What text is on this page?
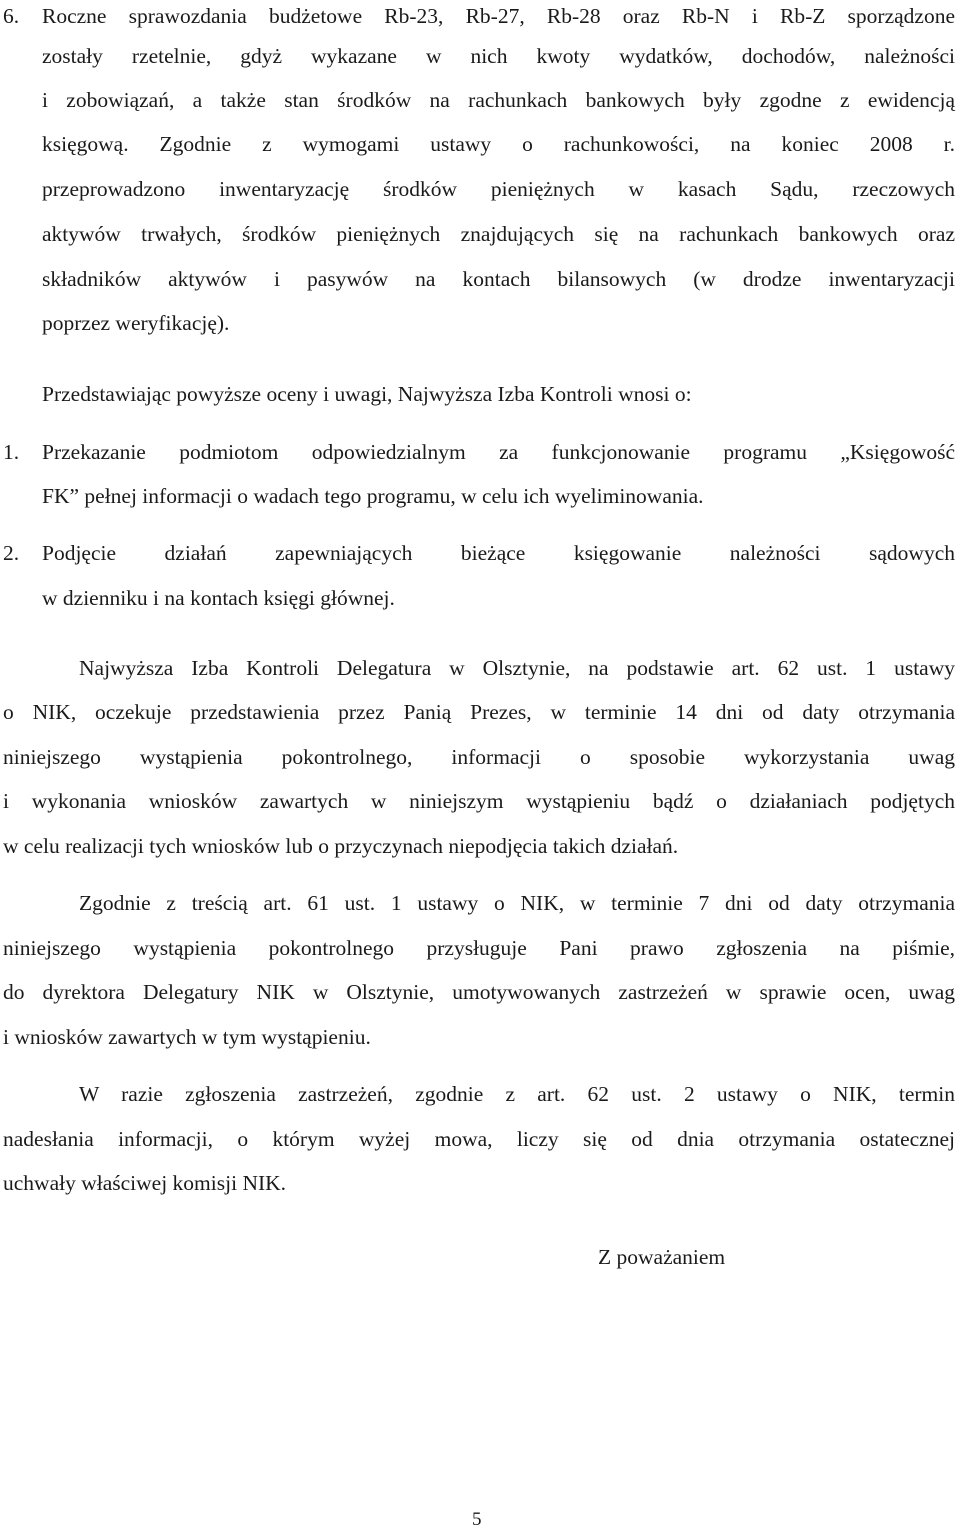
6. Roczne sprawozdania budżetowe Rb-23, Rb-27, Rb-28 oraz Rb-N i Rb-Z sporządzone
zostały rzetelnie, gdyż wykazane w nich kwoty wydatków, dochodów, należności
i zobowiązań, a także stan środków na rachunkach bankowych były zgodne z ewidencją
księgową. Zgodnie z wymogami ustawy o rachunkowości, na koniec 2008 r.
przeprowadzono inwentaryzację środków pieniężnych w kasach Sądu, rzeczowych
aktywów trwałych, środków pieniężnych znajdujących się na rachunkach bankowych oraz
składników aktywów i pasywów na kontach bilansowych (w drodze inwentaryzacji
poprzez weryfikację).
Przedstawiając powyższe oceny i uwagi, Najwyższa Izba Kontroli wnosi o:
1. Przekazanie podmiotom odpowiedzialnym za funkcjonowanie programu „Księgowość
FK” pełnej informacji o wadach tego programu, w celu ich wyeliminowania.
2. Podjęcie działań zapewniających bieżące księgowanie należności sądowych
w dzienniku i na kontach księgi głównej.
Najwyższa Izba Kontroli Delegatura w Olsztynie, na podstawie art. 62 ust. 1 ustawy
o NIK, oczekuje przedstawienia przez Panią Prezes, w terminie 14 dni od daty otrzymania
niniejszego wystąpienia pokontrolnego, informacji o sposobie wykorzystania uwag
i wykonania wniosków zawartych w niniejszym wystąpieniu bądź o działaniach podjętych
w celu realizacji tych wniosków lub o przyczynach niepodjęcia takich działań.
Zgodnie z treścią art. 61 ust. 1 ustawy o NIK, w terminie 7 dni od daty otrzymania
niniejszego wystąpienia pokontrolnego przysługuje Pani prawo zgłoszenia na piśmie,
do dyrektora Delegatury NIK w Olsztynie, umotywowanych zastrzeżeń w sprawie ocen, uwag
i wniosków zawartych w tym wystąpieniu.
W razie zgłoszenia zastrzeżeń, zgodnie z art. 62 ust. 2 ustawy o NIK, termin
nadesłania informacji, o którym wyżej mowa, liczy się od dnia otrzymania ostatecznej
uchwały właściwej komisji NIK.
Z poważaniem
5
